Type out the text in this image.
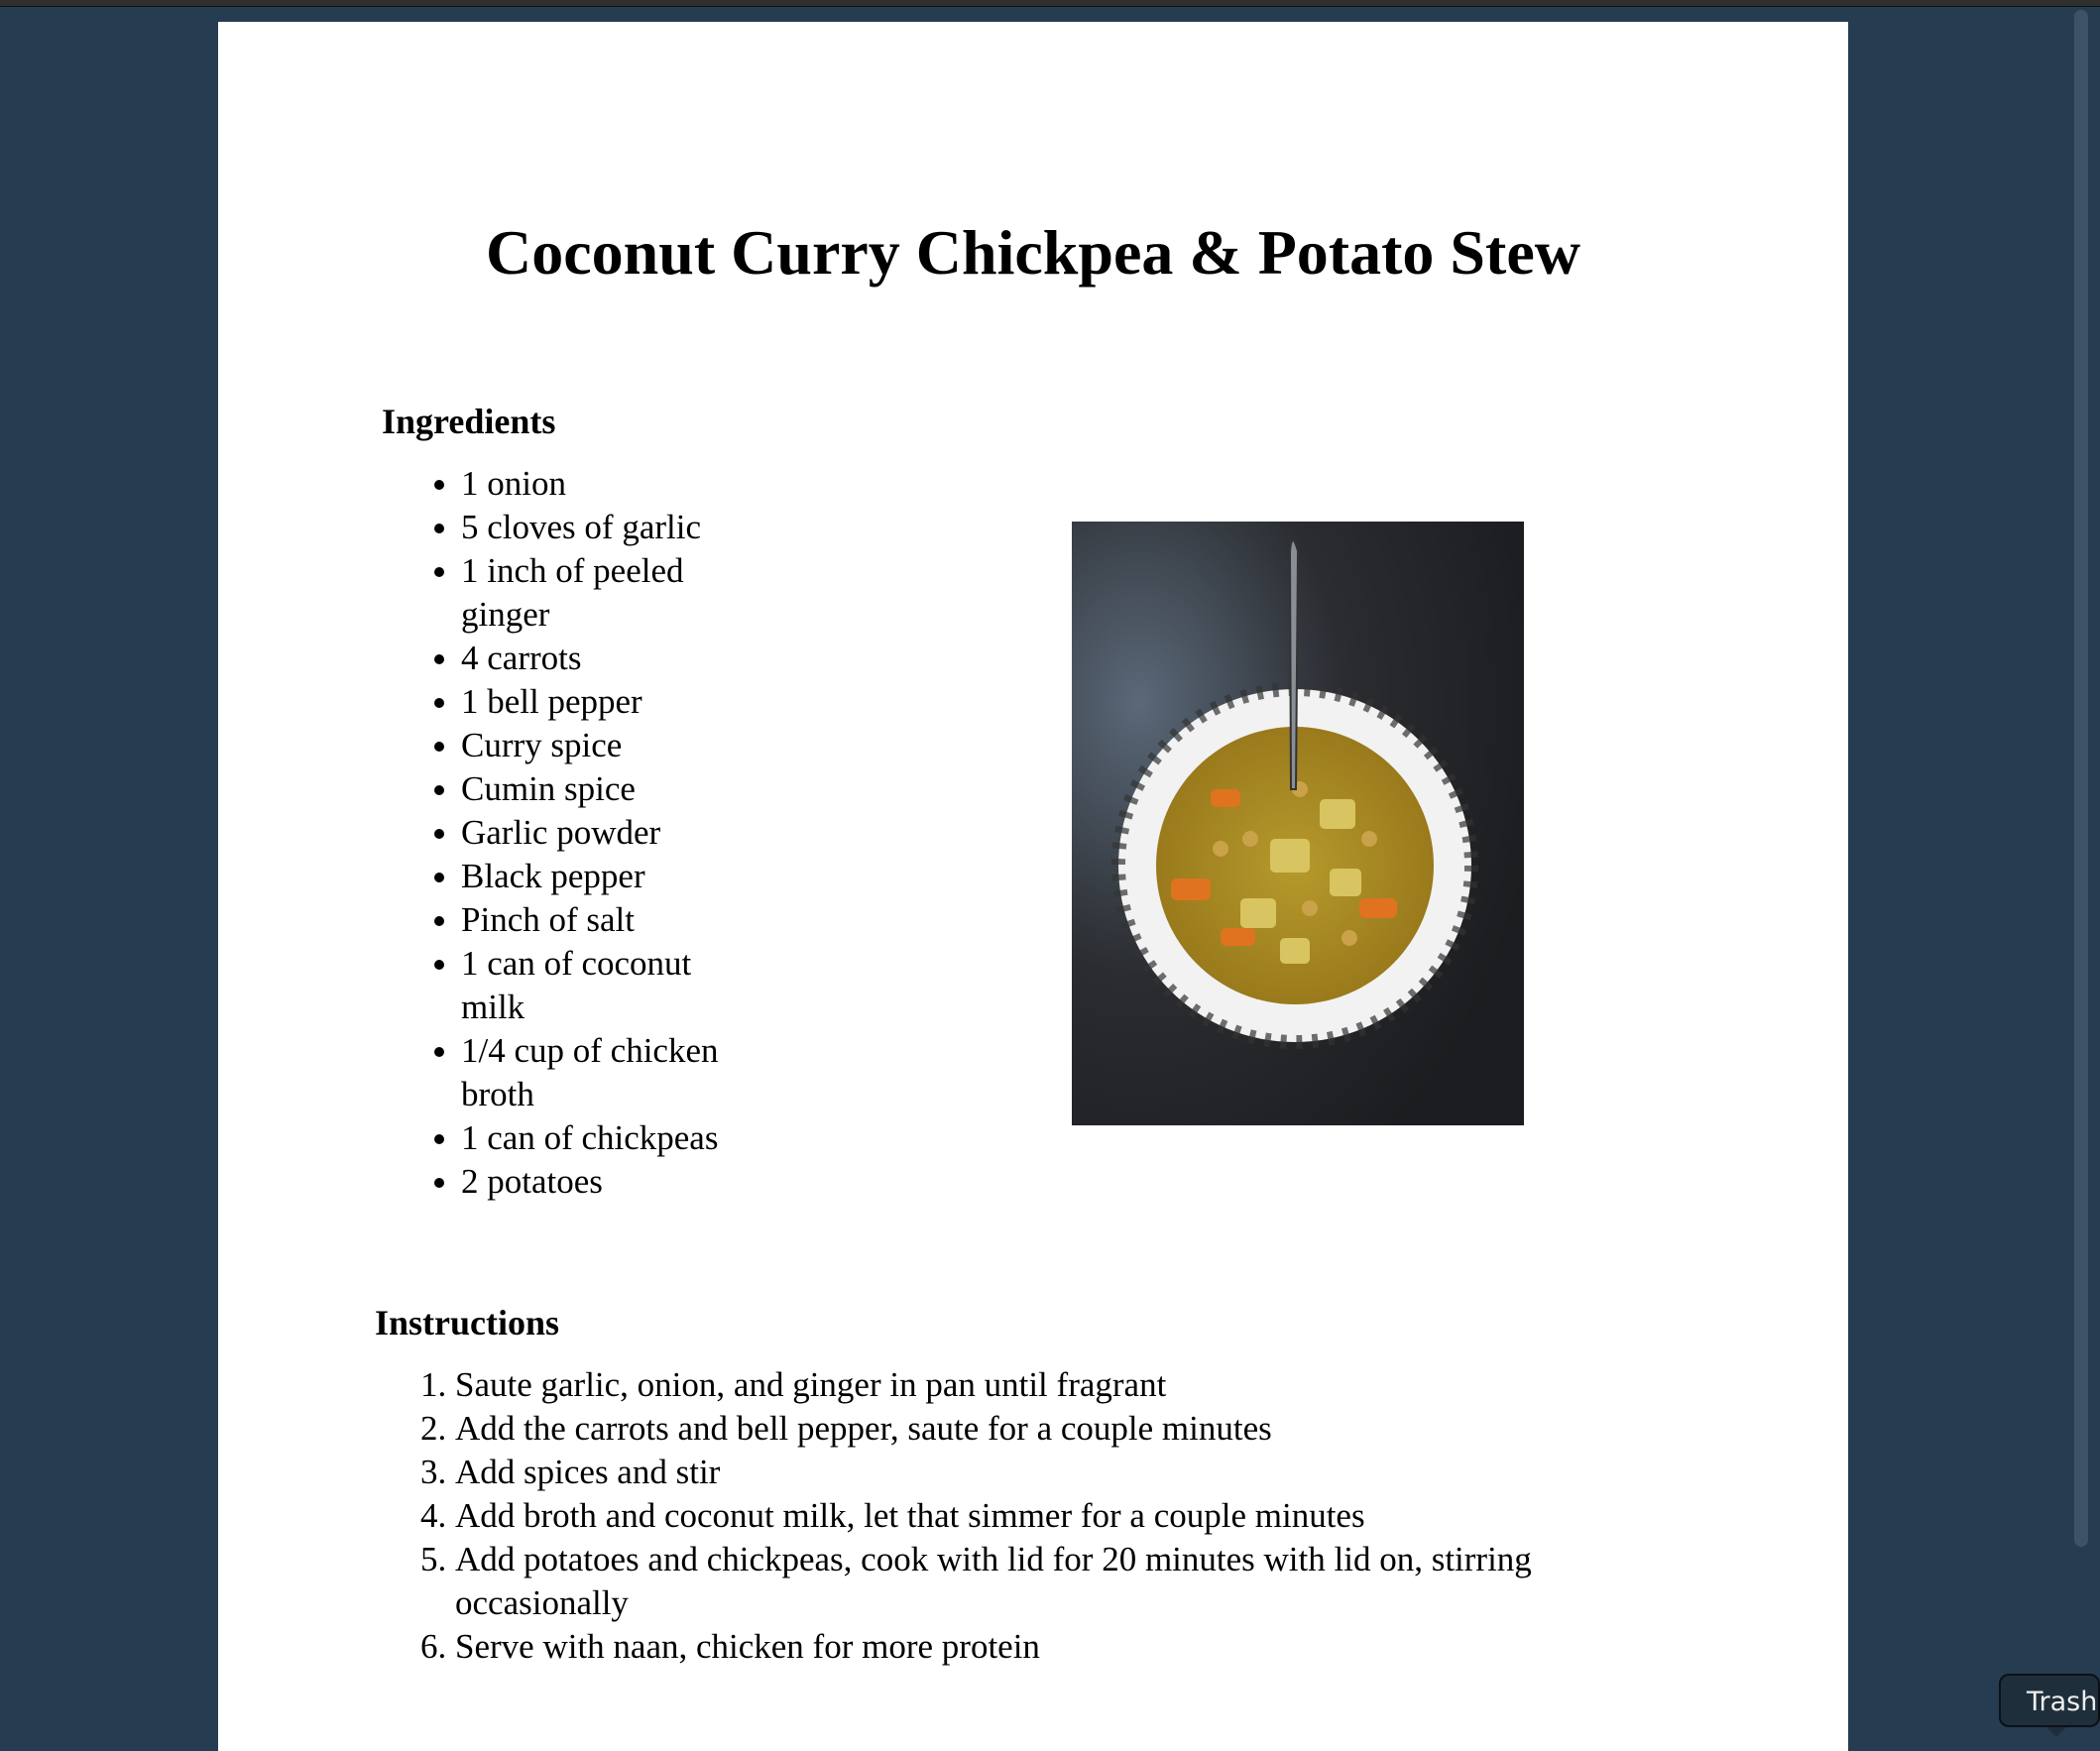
Coconut Curry Chickpea & Potato Stew
Ingredients
• 1 onion
• 5 cloves of garlic
• 1 inch of peeled ginger
• 4 carrots
• 1 bell pepper
• Curry spice
• Cumin spice
• Garlic powder
• Black pepper
• Pinch of salt
• 1 can of coconut milk
• 1/4 cup of chicken broth
• 1 can of chickpeas
• 2 potatoes
Instructions
1. Saute garlic, onion, and ginger in pan until fragrant
2. Add the carrots and bell pepper, saute for a couple minutes
3. Add spices and stir
4. Add broth and coconut milk, let that simmer for a couple minutes
5. Add potatoes and chickpeas, cook with lid for 20 minutes with lid on, stirring occasionally
6. Serve with naan, chicken for more protein
Trash
